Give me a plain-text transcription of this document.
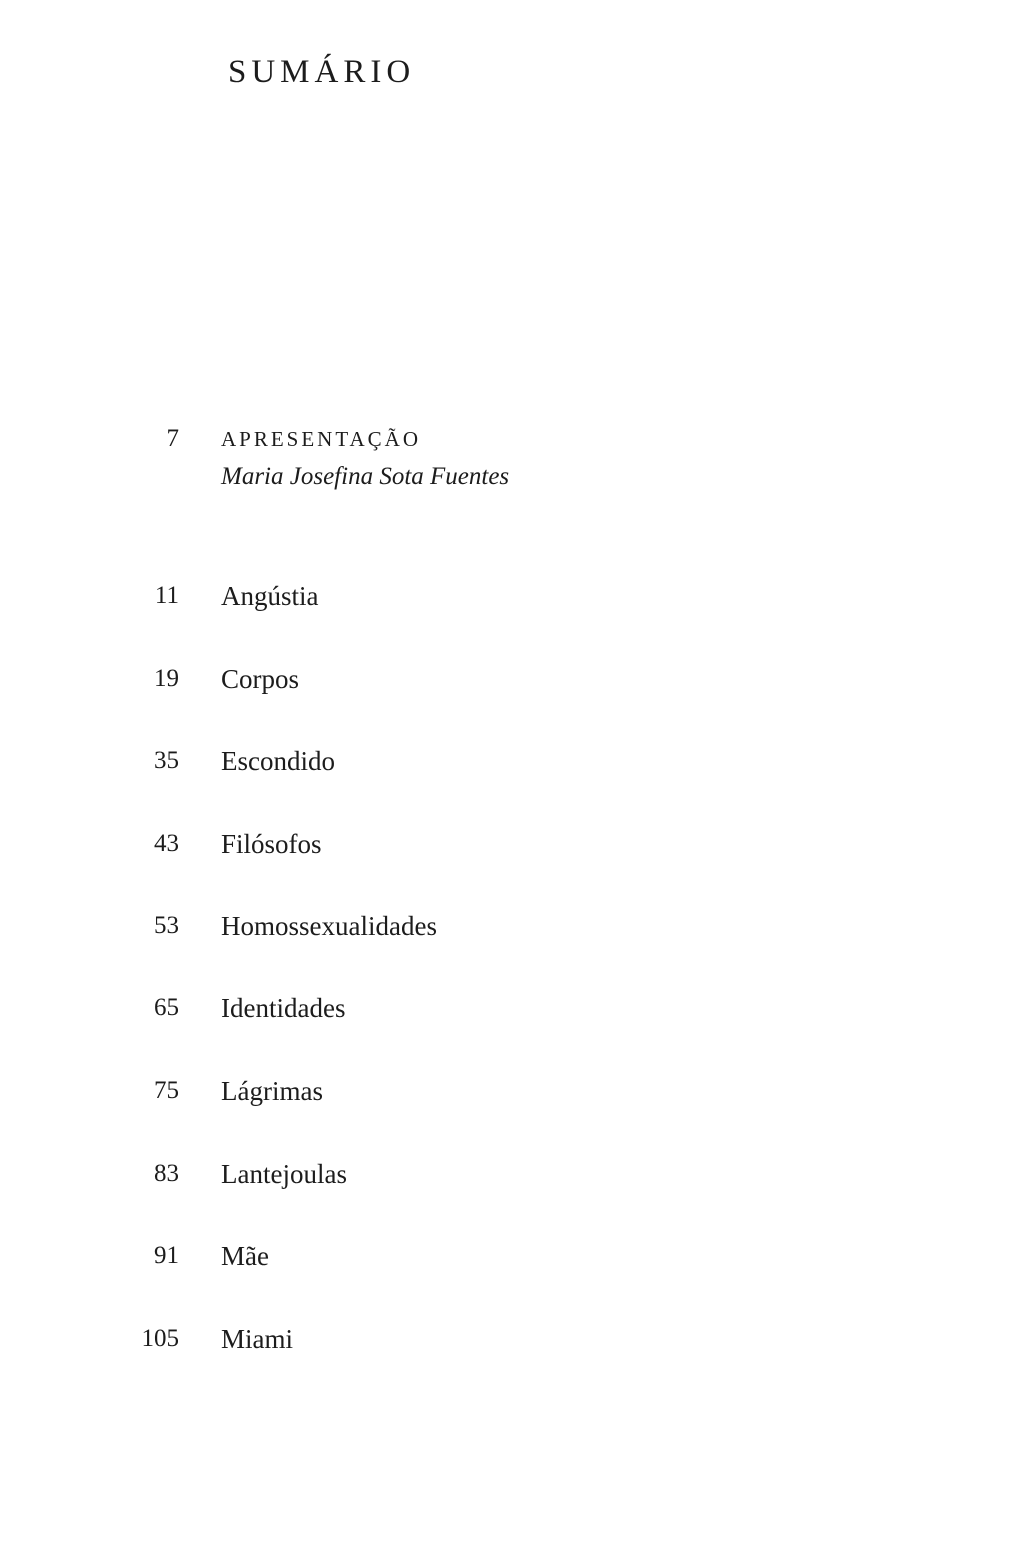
SUMÁRIO
7 APRESENTAÇÃO
Maria Josefina Sota Fuentes
11 Angústia
19 Corpos
35 Escondido
43 Filósofos
53 Homossexualidades
65 Identidades
75 Lágrimas
83 Lantejoulas
91 Mãe
105 Miami
